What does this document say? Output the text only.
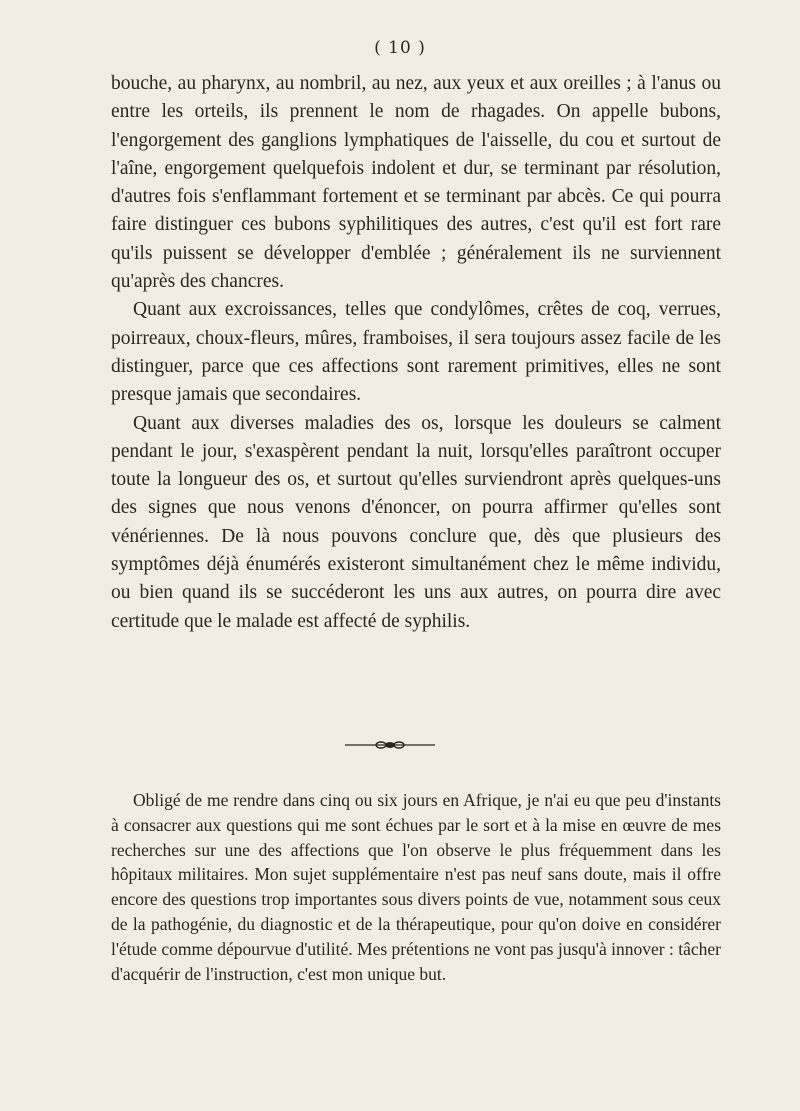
( 10 )

bouche, au pharynx, au nombril, au nez, aux yeux et aux oreilles ; à l'anus ou entre les orteils, ils prennent le nom de rhagades. On appelle bubons, l'engorgement des ganglions lymphatiques de l'aisselle, du cou et surtout de l'aîne, engorgement quelquefois indolent et dur, se terminant par résolution, d'autres fois s'enflammant fortement et se terminant par abcès. Ce qui pourra faire distinguer ces bubons syphilitiques des autres, c'est qu'il est fort rare qu'ils puissent se développer d'emblée ; généralement ils ne surviennent qu'après des chancres.

Quant aux excroissances, telles que condylômes, crêtes de coq, verrues, poirreaux, choux-fleurs, mûres, framboises, il sera toujours assez facile de les distinguer, parce que ces affections sont rarement primitives, elles ne sont presque jamais que secondaires.

Quant aux diverses maladies des os, lorsque les douleurs se calment pendant le jour, s'exaspèrent pendant la nuit, lorsqu'elles paraîtront occuper toute la longueur des os, et surtout qu'elles surviendront après quelques-uns des signes que nous venons d'énoncer, on pourra affirmer qu'elles sont vénériennes. De là nous pouvons conclure que, dès que plusieurs des symptômes déjà énumérés existeront simultanément chez le même individu, ou bien quand ils se succéderont les uns aux autres, on pourra dire avec certitude que le malade est affecté de syphilis.

Obligé de me rendre dans cinq ou six jours en Afrique, je n'ai eu que peu d'instants à consacrer aux questions qui me sont échues par le sort et à la mise en œuvre de mes recherches sur une des affections que l'on observe le plus fréquemment dans les hôpitaux militaires. Mon sujet supplémentaire n'est pas neuf sans doute, mais il offre encore des questions trop importantes sous divers points de vue, notamment sous ceux de la pathogénie, du diagnostic et de la thérapeutique, pour qu'on doive en considérer l'étude comme dépourvue d'utilité. Mes prétentions ne vont pas jusqu'à innover : tâcher d'acquérir de l'instruction, c'est mon unique but.
